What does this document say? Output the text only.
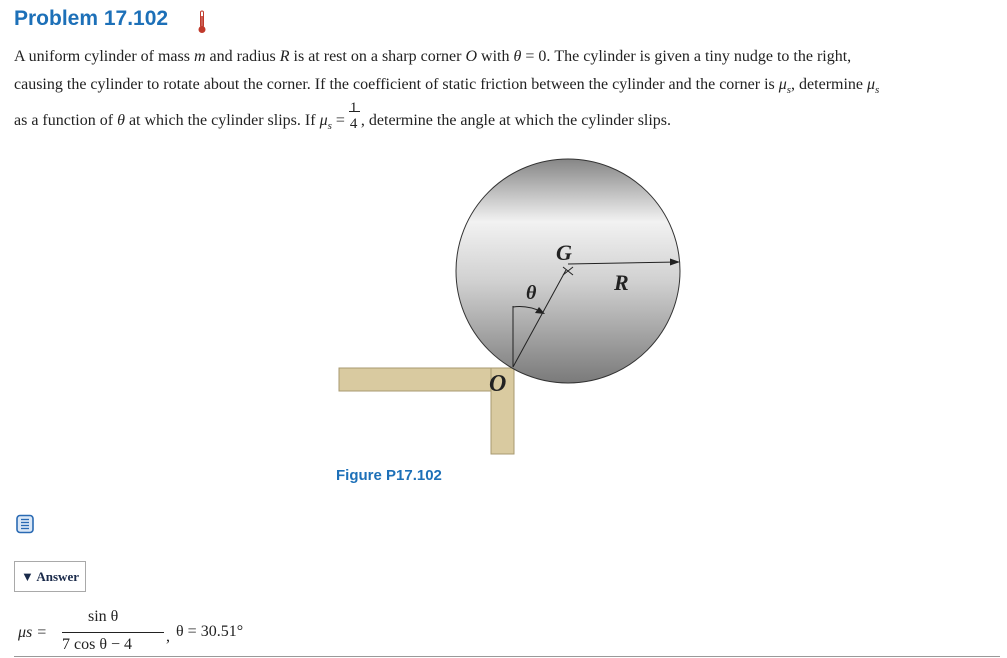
Problem 17.102
A uniform cylinder of mass m and radius R is at rest on a sharp corner O with θ = 0. The cylinder is given a tiny nudge to the right,
causing the cylinder to rotate about the corner. If the coefficient of static friction between the cylinder and the corner is $\mu_s$, determine $\mu_s$
as a function of θ at which the cylinder slips. If $\mu_s$ =
1
4 , determine the angle at which the cylinder slips.
G
R
θ
O
Figure P17.102
▼ Answer
μs =
sin θ
7 cos θ − 4 , θ = 30.51°
